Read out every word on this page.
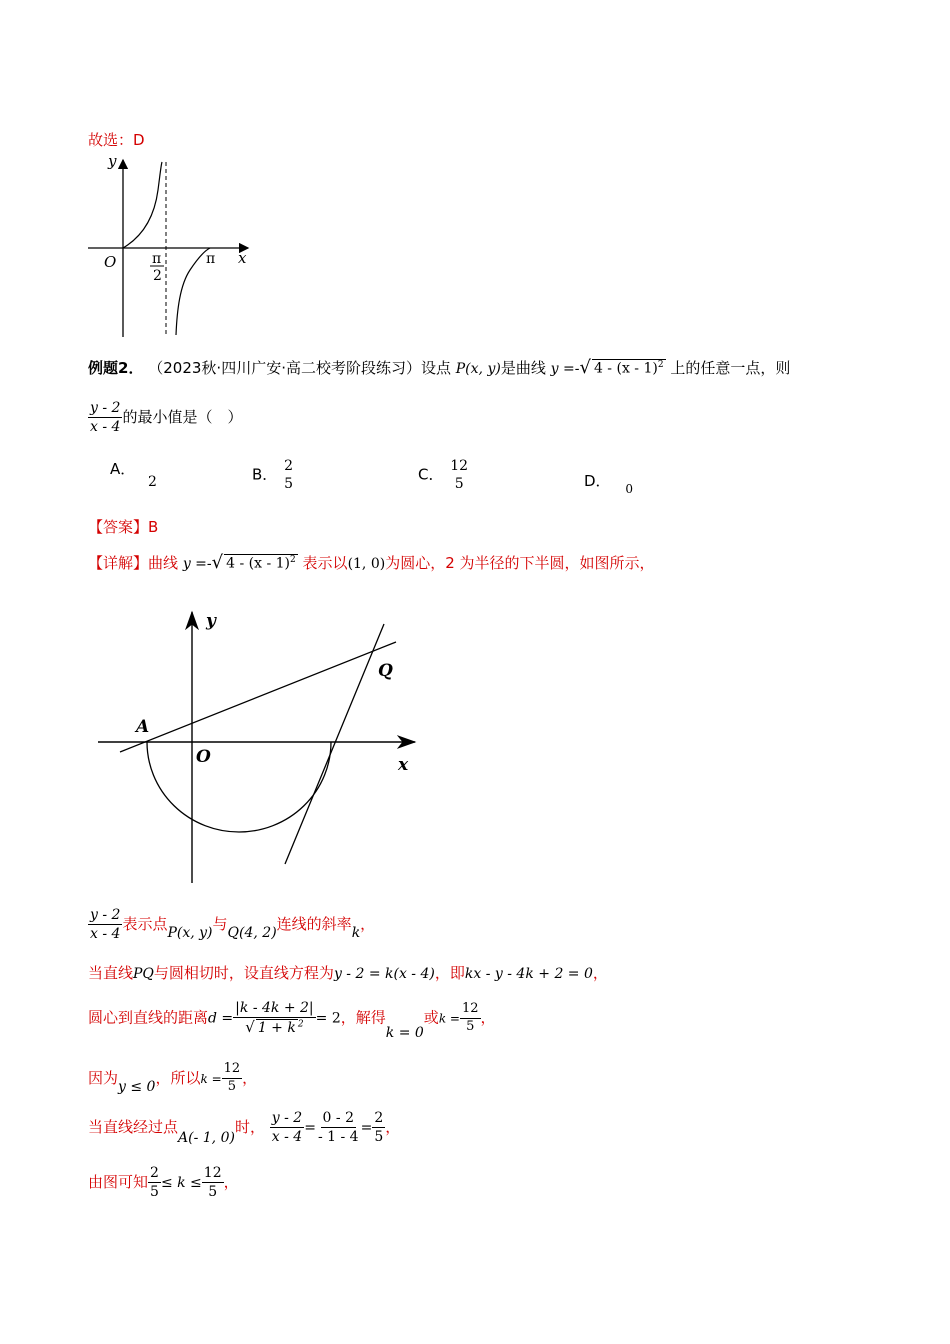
故选：D
y
O	π
2
π x
例题2． （2023秋·四川广安·高二校考阶段练习）设点 P(x, y)是曲线 y =-√ 4 - (x - 1)$^2$ 上的任意一点，则
$\frac{y - 2}{x - 4}$ 的最小值是（　）
A． 2	B． 2
5
C． 12
5	D． $_0$
【答案】B
【详解】曲线 y =-√ 4 - (x - 1)$^2$ 表示以(1, 0)为圆心，2 为半径的下半圆，如图所示，
y
Q
A
O	x
$\frac{y - 2}{x - 4}$ 表示点P(x, y)与Q(4, 2)连线的斜率k，
当直线PQ与圆相切时，设直线方程为y - 2 = k(x - 4)，即kx - y - 4k + 2 = 0，
圆心到直线的距离$d = \frac{|k - 4k + 2|}{√ 1 + k ^2} = 2$，解得k = 0或$k = \frac{12}{5}$ ，
因为y ≤ 0，所以$k = \frac{12}{5}$ ，
当直线经过点A(- 1, 0)时， $\frac{y - 2}{x - 4} = \frac{0 - 2}{- 1 - 4} = \frac{2}{5}$ ，
由图可知 $\frac{2}{5} \le k \le \frac{12}{5}$ ，
